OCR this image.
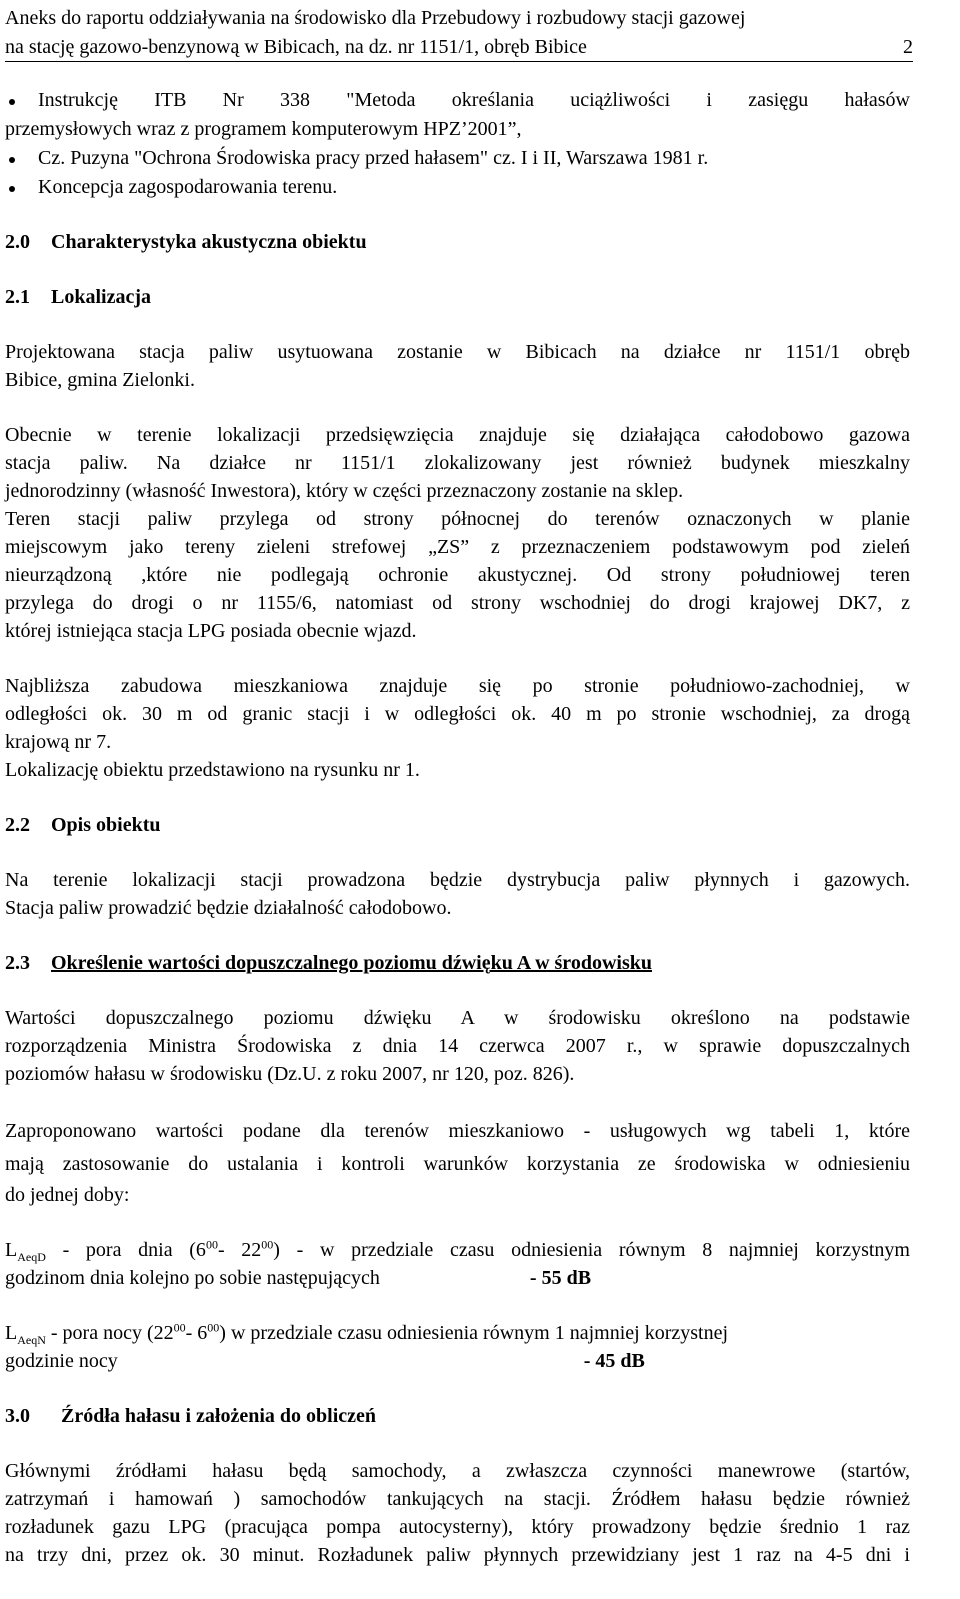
Aneks do raportu oddziaływania na środowisko dla Przebudowy i rozbudowy stacji gazowej
na stację gazowo-benzynową w Bibicach, na dz. nr 1151/1, obręb Bibice	2
Instrukcję ITB Nr 338 "Metoda określania uciążliwości i zasięgu hałasów
przemysłowych wraz z programem komputerowym HPZ’2001”,
Cz. Puzyna "Ochrona Środowiska pracy przed hałasem" cz. I i II, Warszawa 1981 r.
Koncepcja zagospodarowania terenu.
2.0 Charakterystyka akustyczna obiektu
2.1 Lokalizacja
Projektowana stacja paliw usytuowana zostanie w Bibicach na działce nr 1151/1 obręb
Bibice, gmina Zielonki.
Obecnie w terenie lokalizacji przedsięwzięcia znajduje się działająca całodobowo gazowa
stacja paliw. Na działce nr 1151/1 zlokalizowany jest również budynek mieszkalny
jednorodzinny (własność Inwestora), który w części przeznaczony zostanie na sklep.
Teren stacji paliw przylega od strony północnej do terenów oznaczonych w planie
miejscowym jako tereny zieleni strefowej „ZS” z przeznaczeniem podstawowym pod zieleń
nieurządzoną ,które nie podlegają ochronie akustycznej. Od strony południowej teren
przylega do drogi o nr 1155/6, natomiast od strony wschodniej do drogi krajowej DK7, z
której istniejąca stacja LPG posiada obecnie wjazd.
Najbliższa zabudowa mieszkaniowa znajduje się po stronie południowo-zachodniej, w
odległości ok. 30 m od granic stacji i w odległości ok. 40 m po stronie wschodniej, za drogą
krajową nr 7.
Lokalizację obiektu przedstawiono na rysunku nr 1.
2.2 Opis obiektu
Na terenie lokalizacji stacji prowadzona będzie dystrybucja paliw płynnych i gazowych.
Stacja paliw prowadzić będzie działalność całodobowo.
2.3 Określenie wartości dopuszczalnego poziomu dźwięku A w środowisku
Wartości dopuszczalnego poziomu dźwięku A w środowisku określono na podstawie
rozporządzenia Ministra Środowiska z dnia 14 czerwca 2007 r., w sprawie dopuszczalnych
poziomów hałasu w środowisku (Dz.U. z roku 2007, nr 120, poz. 826).
Zaproponowano wartości podane dla terenów mieszkaniowo - usługowych wg tabeli 1, które
mają zastosowanie do ustalania i kontroli warunków korzystania ze środowiska w odniesieniu
do jednej doby:
$L_{AeqD}$ - pora dnia ($6^{00}-$ $22^{00}$) - w przedziale czasu odniesienia równym 8 najmniej korzystnym
godzinom dnia kolejno po sobie następujących	- 55 dB
$L_{AeqN}$ - pora nocy ($22^{00}-$ $6^{00}$) w przedziale czasu odniesienia równym 1 najmniej korzystnej
godzinie nocy	- 45 dB
3.0 Źródła hałasu i założenia do obliczeń
Głównymi źródłami hałasu będą samochody, a zwłaszcza czynności manewrowe (startów,
zatrzymań i hamowań ) samochodów tankujących na stacji. Źródłem hałasu będzie również
rozładunek gazu LPG (pracująca pompa autocysterny), który prowadzony będzie średnio 1 raz
na trzy dni, przez ok. 30 minut. Rozładunek paliw płynnych przewidziany jest 1 raz na 4-5 dni i
